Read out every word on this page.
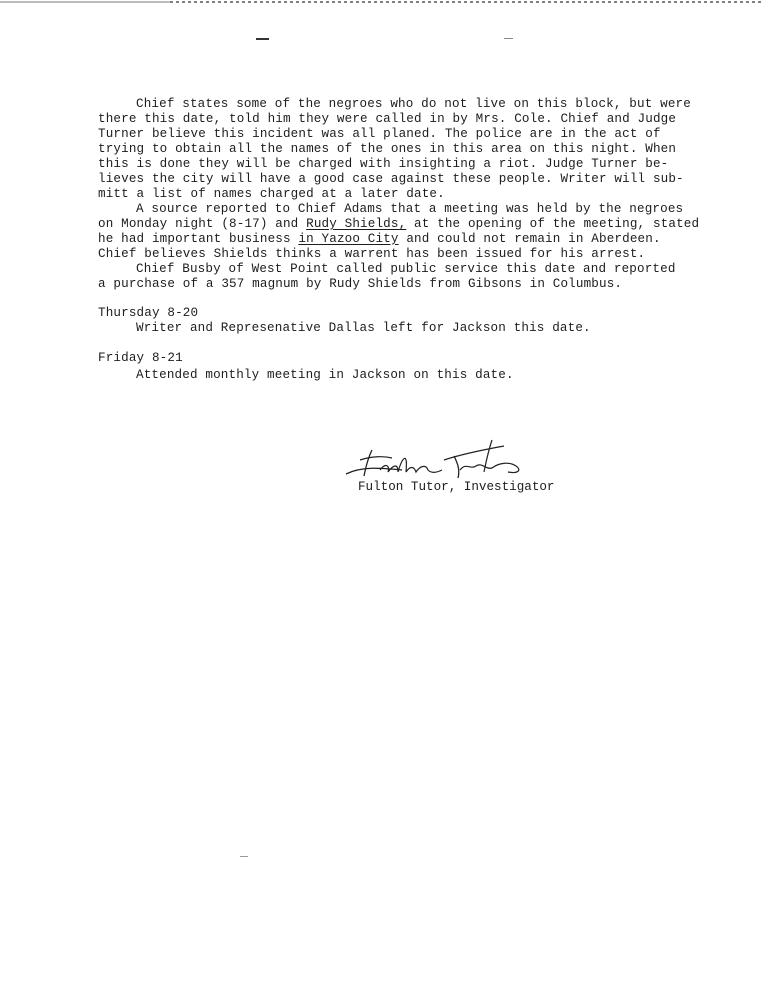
Chief states some of the negroes who do not live on this block, but were
there this date, told him they were called in by Mrs. Cole. Chief and Judge
Turner believe this incident was all planed. The police are in the act of
trying to obtain all the names of the ones in this area on this night. When
this is done they will be charged with insighting a riot. Judge Turner be-
lieves the city will have a good case against these people. Writer will sub-
mitt a list of names charged at a later date.
A source reported to Chief Adams that a meeting was held by the negroes
on Monday night (8-17) and Rudy Shields, at the opening of the meeting, stated
he had important business in Yazoo City and could not remain in Aberdeen.
Chief believes Shields thinks a warrent has been issued for his arrest.
Chief Busby of West Point called public service this date and reported
a purchase of a 357 magnum by Rudy Shields from Gibsons in Columbus.
Thursday 8-20
Writer and Represenative Dallas left for Jackson this date.
Friday 8-21
Attended monthly meeting in Jackson on this date.
Fulton Tutor, Investigator
